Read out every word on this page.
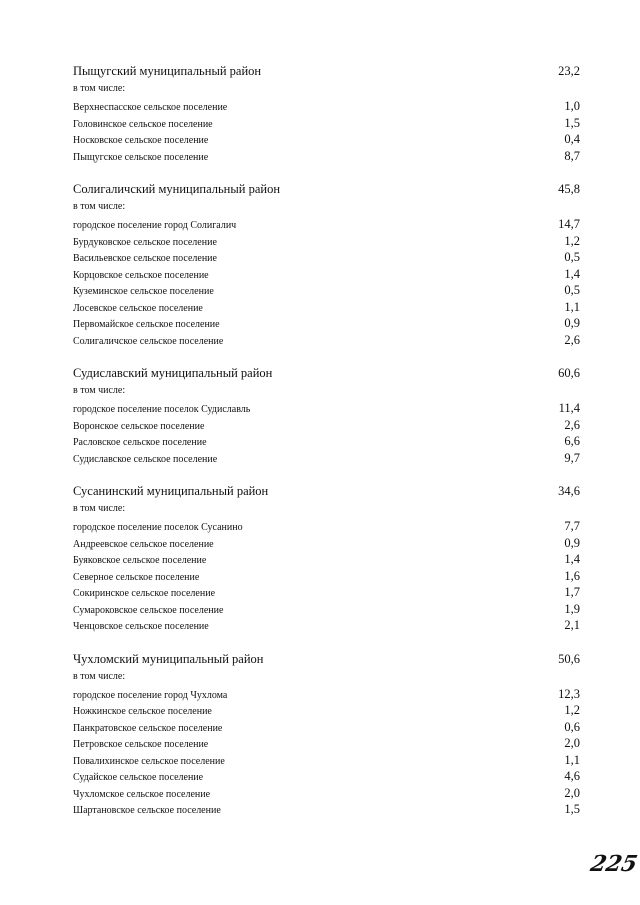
Пыщугский муниципальный район	23,2
в том числе:
Верхнеспасское сельское поселение	1,0
Головинское сельское поселение	1,5
Носковское сельское поселение	0,4
Пыщугское сельское поселение	8,7
Солигаличский муниципальный район	45,8
в том числе:
городское поселение город Солигалич	14,7
Бурдуковское сельское поселение	1,2
Васильевское сельское поселение	0,5
Корцовское сельское поселение	1,4
Куземинское сельское поселение	0,5
Лосевское сельское поселение	1,1
Первомайское сельское поселение	0,9
Солигаличское сельское поселение	2,6
Судиславский муниципальный район	60,6
в том числе:
городское поселение поселок Судиславль	11,4
Воронское сельское поселение	2,6
Расловское сельское поселение	6,6
Судиславское сельское поселение	9,7
Сусанинский муниципальный район	34,6
в том числе:
городское поселение поселок Сусанино	7,7
Андреевское сельское поселение	0,9
Буяковское сельское поселение	1,4
Северное сельское поселение	1,6
Сокиринское сельское поселение	1,7
Сумароковское сельское поселение	1,9
Ченцовское сельское поселение	2,1
Чухломский муниципальный район	50,6
в том числе:
городское поселение город Чухлома	12,3
Ножкинское сельское поселение	1,2
Панкратовское сельское поселение	0,6
Петровское сельское поселение	2,0
Повалихинское сельское поселение	1,1
Судайское сельское поселение	4,6
Чухломское сельское поселение	2,0
Шартановское сельское поселение	1,5
225
